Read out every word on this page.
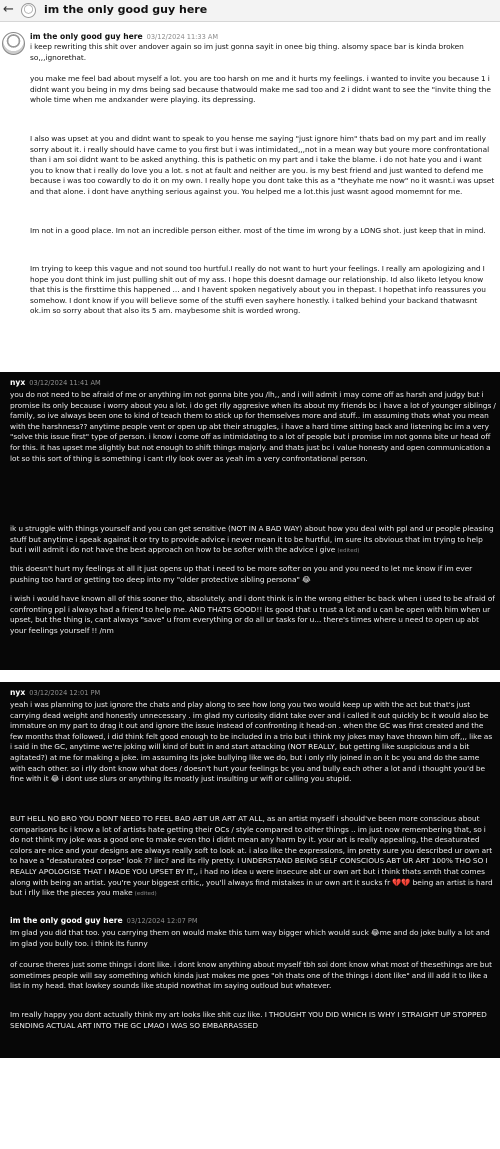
←	im the only good guy here
im the only good guy here 03/12/2024 11:33 AM

i keep rewriting this shit over andover again so im just gonna sayit in onee big thing. alsomy space bar is kinda broken so,,,ignorethat.

you make me feel bad about myself a lot. you are too harsh on me and it hurts my feelings. i wanted to invite you because 1 i didnt want you being in my dms being sad because thatwould make me sad too and 2 i didnt want to see the "invite thing the whole time when me andxander were playing. its depressing.

I also was upset at you and didnt want to speak to you hense me saying "just ignore him" thats bad on my part and im really sorry about it. i really should have came to you first but i was intimidated,,,not in a mean way but youre more confrontational than i am soi didnt want to be asked anything. this is pathetic on my part and i take the blame. i do not hate you and i want you to know that i really do love you a lot. s not at fault and neither are you. is my best friend and just wanted to defend me because i was too cowardly to do it on my own. I really hope you dont take this as a "theyhate me now" no it wasnt.i was upset and that alone. i dont have anything serious against you. You helped me a lot.this just wasnt agood momemnt for me.

Im not in a good place. Im not an incredible person either. most of the time im wrong by a LONG shot. just keep that in mind.

Im trying to keep this vague and not sound too hurtful.I really do not want to hurt your feelings. I really am apologizing and I hope you dont think im just pulling shit out of my ass. I hope this doesnt damage our relationship. Id also liketo letyou know that this is the firsttime this happened ... and I havent spoken negatively about you in thepast. I hopethat info reassures you somehow. I dont know if you will believe some of the stuffi even sayhere honestly. i talked behind your backand thatwasnt ok.im so sorry about that also its 5 am. maybesome shit is worded wrong.

nyx 03/12/2024 11:41 AM

you do not need to be afraid of me or anything im not gonna bite you /lh,, and i will admit i may come off as harsh and judgy but i promise its only because i worry about you a lot. i do get rlly aggresive when its about my friends bc i have a lot of younger siblings / family, so ive always been one to kind of teach them to stick up for themselves more and stuff.. im assuming thats what you mean with the harshness?? anytime people vent or open up abt their struggles, i have a hard time sitting back and listening bc im a very "solve this issue first" type of person. i know i come off as intimidating to a lot of people but i promise im not gonna bite ur head off for this. it has upset me slightly but not enough to shift things majorly. and thats just bc i value honesty and open communication a lot so this sort of thing is something i cant rlly look over as yeah im a very confrontational person.

ik u struggle with things yourself and you can get sensitive (NOT IN A BAD WAY) about how you deal with ppl and ur people pleasing stuff but anytime i speak against it or try to provide advice i never mean it to be hurtful, im sure its obvious that im trying to help but i will admit i do not have the best approach on how to be softer with the advice i give (edited)

this doesn't hurt my feelings at all it just opens up that i need to be more softer on you and you need to let me know if im ever pushing too hard or getting too deep into my "older protective sibling persona" 😂

i wish i would have known all of this sooner tho, absolutely. and i dont think is in the wrong either bc back when i used to be afraid of confronting ppl i always had a friend to help me. AND THATS GOOD!! its good that u trust a lot and u can be open with him when ur upset, but the thing is, cant always "save" u from everything or do all ur tasks for u... there's times where u need to open up abt your feelings yourself !! /nm

nyx 03/12/2024 12:01 PM

yeah i was planning to just ignore the chats and play along to see how long you two would keep up with the act but that's just carrying dead weight and honestly unnecessary . im glad my curiosity didnt take over and i called it out quickly bc it would also be immature on my part to drag it out and ignore the issue instead of confronting it head-on . when the GC was first created and the few months that followed, i did think felt good enough to be included in a trio but i think my jokes may have thrown him off,,, like as i said in the GC, anytime we're joking will kind of butt in and start attacking (NOT REALLY, but getting like suspicious and a bit agitated?) at me for making a joke. im assuming its joke bullying like we do, but i only rlly joined in on it bc you and do the same with each other. so i rlly dont know what does / doesn't hurt your feelings bc you and bully each other a lot and i thought you'd be fine with it 😂 i dont use slurs or anything its mostly just insulting ur wifi or calling you stupid.

BUT HELL NO BRO YOU DONT NEED TO FEEL BAD ABT UR ART AT ALL, as an artist myself i should've been more conscious about comparisons bc i know a lot of artists hate getting their OCs / style compared to other things .. im just now remembering that, so i do not think my joke was a good one to make even tho i didnt mean any harm by it. your art is really appealing, the desaturated colors are nice and your designs are always really soft to look at. i also like the expressions, im pretty sure you described ur own art to have a "desaturated corpse" look ?? iirc? and its rlly pretty. I UNDERSTAND BEING SELF CONSCIOUS ABT UR ART 100% THO SO I REALLY APOLOGISE THAT I MADE YOU UPSET BY IT,, i had no idea u were insecure abt ur own art but i think thats smth that comes along with being an artist. you're your biggest critic,, you'll always find mistakes in ur own art it sucks fr 💔💔 being an artist is hard but i rlly like the pieces you make (edited)

im the only good guy here 03/12/2024 12:07 PM

Im glad you did that too. you carrying them on would make this turn way bigger which would suck 😂me and do joke bully a lot and im glad you bully too. i think its funny

of course theres just some things i dont like. i dont know anything about myself tbh soi dont know what most of thesethings are but sometimes people will say something which kinda just makes me goes "oh thats one of the things i dont like" and ill add it to like a list in my head. that lowkey sounds like stupid nowthat im saying outloud but whatever.

Im really happy you dont actually think my art looks like shit cuz like. I THOUGHT YOU DID WHICH IS WHY I STRAIGHT UP STOPPED SENDING ACTUAL ART INTO THE GC LMAO I WAS SO EMBARRASSED
